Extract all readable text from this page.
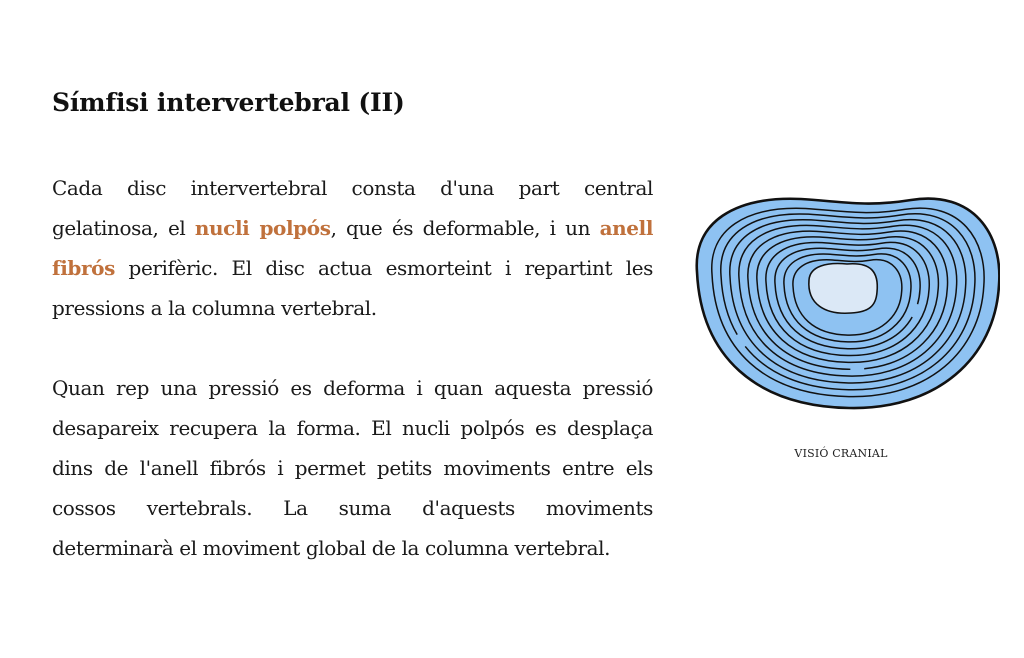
Símfisi intervertebral (II)

Cada disc intervertebral consta d'una part central gelatinosa, el nucli polpós, que és deformable, i un anell fibrós perifèric. El disc actua esmorteint i repartint les pressions a la columna vertebral.

Quan rep una pressió es deforma i quan aquesta pressió desapareix recupera la forma. El nucli polpós es desplaça dins de l'anell fibrós i permet petits moviments entre els cossos vertebrals. La suma d'aquests moviments determinarà el moviment global de la columna vertebral.

VISIÓ CRANIAL
